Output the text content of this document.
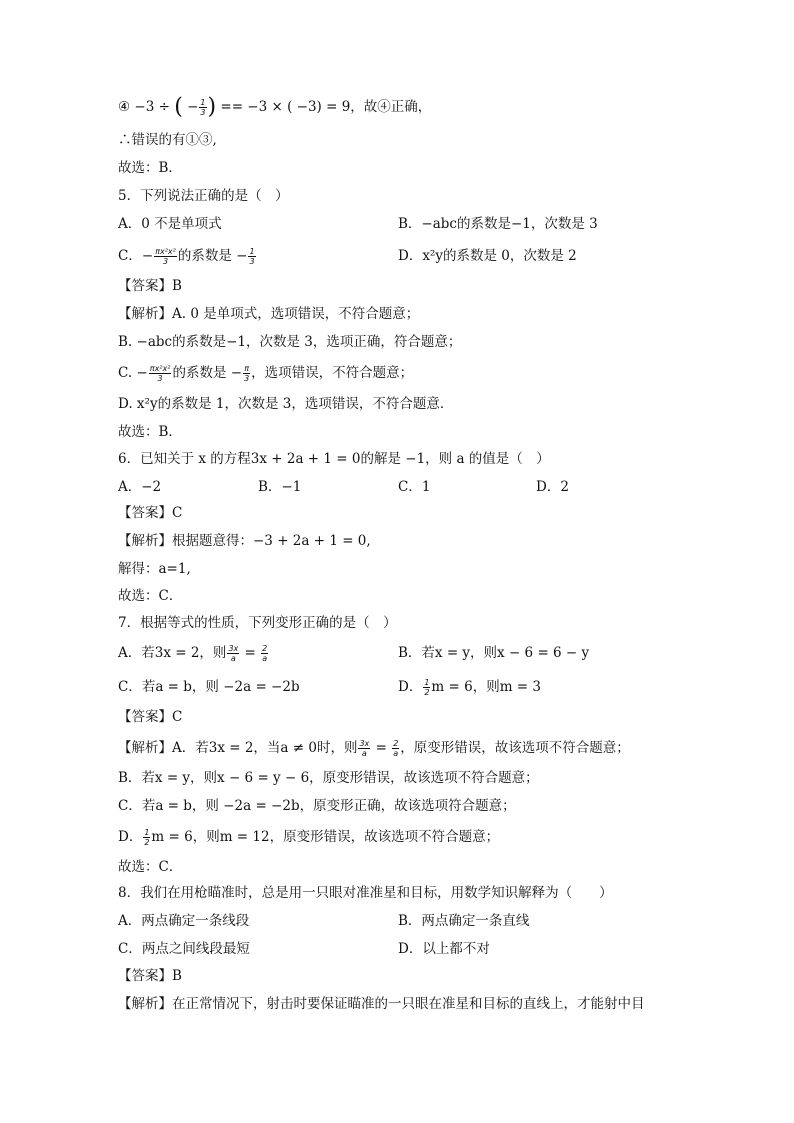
④ −3 ÷ ( − $\frac{1}{3}$ ) == −3 × ( −3) = 9，故④正确，
∴错误的有①③,
故选：B．
5．下列说法正确的是（　）
A．0 不是单项式	B．−abc的系数是−1，次数是 3
C．− $\frac{\text{πx²x²}}{3}$ 的系数是 − $\frac{1}{3}$	D．x²y的系数是 0，次数是 2
【答案】B
【解析】A. 0 是单项式，选项错误，不符合题意；
B. −abc的系数是−1，次数是 3，选项正确，符合题意；
C. − $\frac{\text{πx²x²}}{3}$ 的系数是 − $\frac{\pi}{3}$ ，选项错误，不符合题意；
D. x²y的系数是 1，次数是 3，选项错误，不符合题意．
故选：B．
6．已知关于 x 的方程3x + 2a + 1 = 0的解是 −1，则 a 的值是（　）
A．−2	B．−1	C．1	D．2
【答案】C
【解析】根据题意得：−3 + 2a + 1 = 0,
解得：a=1,
故选：C．
7．根据等式的性质，下列变形正确的是（　）
A．若3x = 2，则 $\frac{3x}{a} = \frac{2}{a}$	B．若x = y，则x − 6 = 6 − y
C．若a = b，则 −2a = −2b	D． $\frac{1}{2}$ m = 6，则m = 3
【答案】C
【解析】A．若3x = 2，当a ≠ 0时，则 $\frac{3x}{a} = \frac{2}{a}$ ，原变形错误，故该选项不符合题意；
B．若x = y，则x − 6 = y − 6，原变形错误，故该选项不符合题意；
C．若a = b，则 −2a = −2b，原变形正确，故该选项符合题意；
D． $\frac{1}{2}$ m = 6，则m = 12，原变形错误，故该选项不符合题意；
故选：C．
8．我们在用枪瞄准时，总是用一只眼对准准星和目标，用数学知识解释为（　　）
A．两点确定一条线段	B．两点确定一条直线
C．两点之间线段最短	D．以上都不对
【答案】B
【解析】在正常情况下，射击时要保证瞄准的一只眼在准星和目标的直线上，才能射中目
